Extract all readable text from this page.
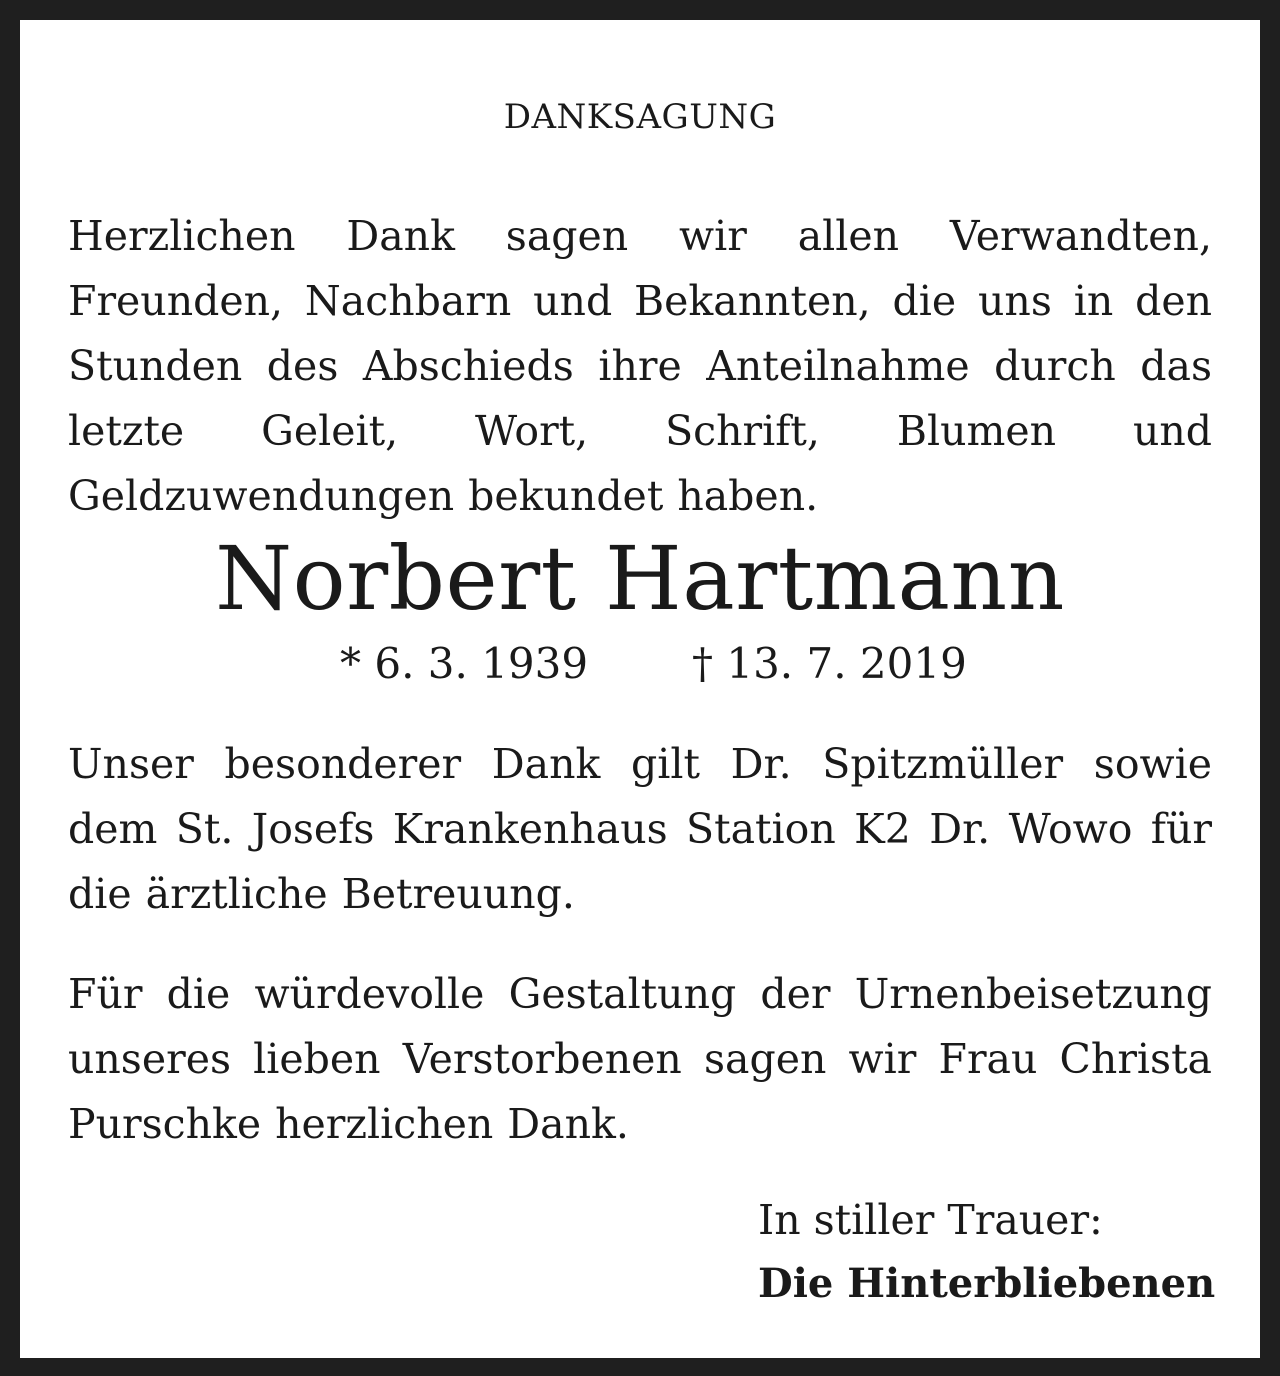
DANKSAGUNG

Herzlichen Dank sagen wir allen Verwandten, Freunden, Nachbarn und Bekannten, die uns in den Stunden des Abschieds ihre Anteilnahme durch das letzte Geleit, Wort, Schrift, Blumen und Geldzuwendungen bekundet haben.

Norbert Hartmann
* 6. 3. 1939 † 13. 7. 2019

Unser besonderer Dank gilt Dr. Spitzmüller sowie dem St. Josefs Krankenhaus Station K2 Dr. Wowo für die ärztliche Betreuung.

Für die würdevolle Gestaltung der Urnenbeisetzung unseres lieben Verstorbenen sagen wir Frau Christa Purschke herzlichen Dank.

In stiller Trauer:
Die Hinterbliebenen
